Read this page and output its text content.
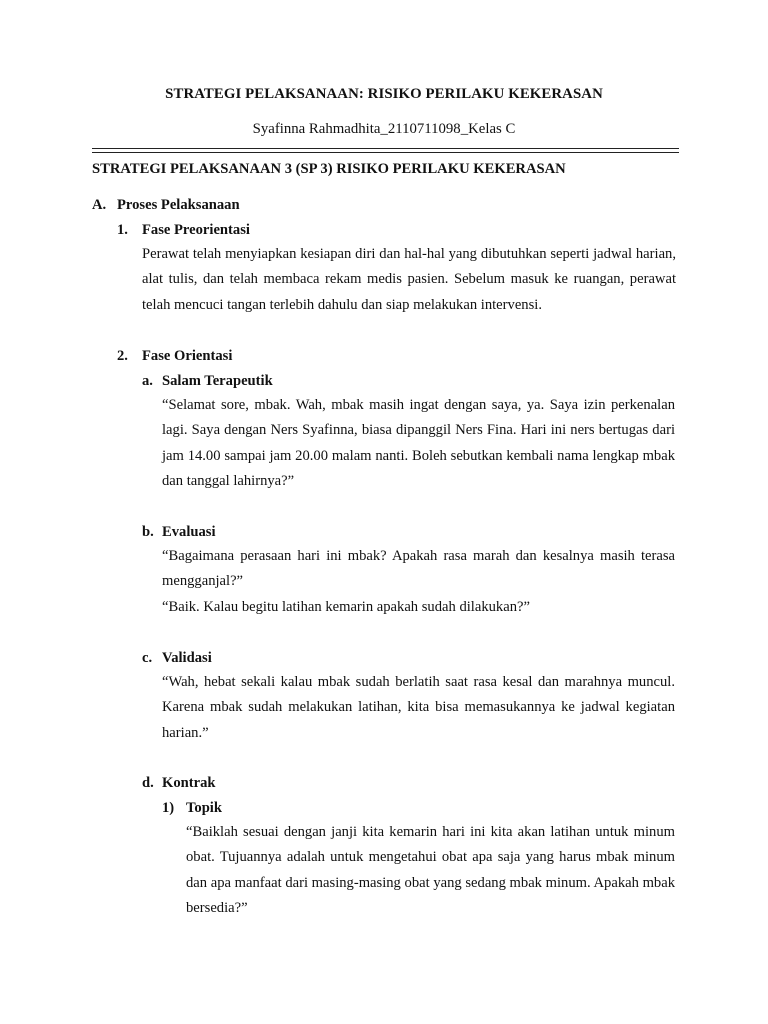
STRATEGI PELAKSANAAN: RISIKO PERILAKU KEKERASAN
Syafinna Rahmadhita_2110711098_Kelas C
STRATEGI PELAKSANAAN 3 (SP 3) RISIKO PERILAKU KEKERASAN
A. Proses Pelaksanaan
1. Fase Preorientasi
Perawat telah menyiapkan kesiapan diri dan hal-hal yang dibutuhkan seperti jadwal harian, alat tulis, dan telah membaca rekam medis pasien. Sebelum masuk ke ruangan, perawat telah mencuci tangan terlebih dahulu dan siap melakukan intervensi.
2. Fase Orientasi
a. Salam Terapeutik
“Selamat sore, mbak. Wah, mbak masih ingat dengan saya, ya. Saya izin perkenalan lagi. Saya dengan Ners Syafinna, biasa dipanggil Ners Fina. Hari ini ners bertugas dari jam 14.00 sampai jam 20.00 malam nanti. Boleh sebutkan kembali nama lengkap mbak dan tanggal lahirnya?”
b. Evaluasi
“Bagaimana perasaan hari ini mbak? Apakah rasa marah dan kesalnya masih terasa mengganjal?”
“Baik. Kalau begitu latihan kemarin apakah sudah dilakukan?”
c. Validasi
“Wah, hebat sekali kalau mbak sudah berlatih saat rasa kesal dan marahnya muncul. Karena mbak sudah melakukan latihan, kita bisa memasukannya ke jadwal kegiatan harian.”
d. Kontrak
1) Topik
“Baiklah sesuai dengan janji kita kemarin hari ini kita akan latihan untuk minum obat. Tujuannya adalah untuk mengetahui obat apa saja yang harus mbak minum dan apa manfaat dari masing-masing obat yang sedang mbak minum. Apakah mbak bersedia?”
